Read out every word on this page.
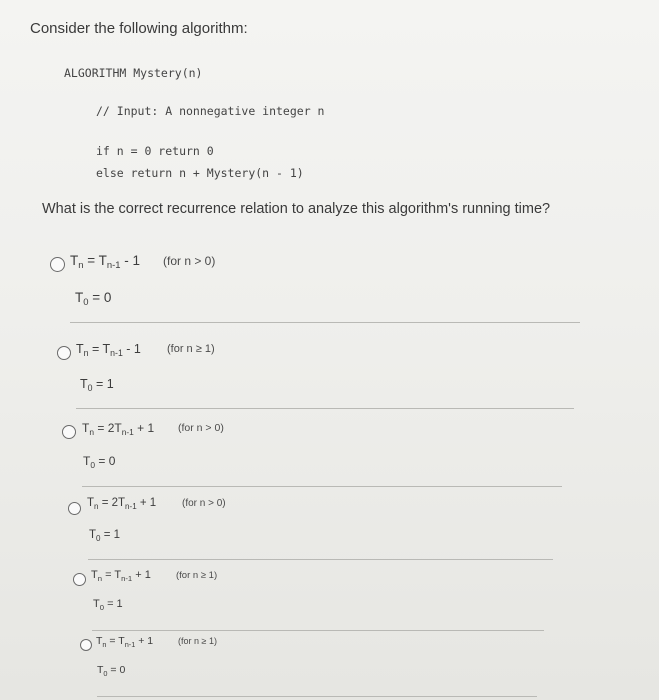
Consider the following algorithm:
ALGORITHM Mystery(n)
// Input: A nonnegative integer n
if n = 0 return 0
else return n + Mystery(n - 1)
What is the correct recurrence relation to analyze this algorithm's running time?
$T_n = T_{n-1} - 1$ (for n > 0)
$T_0 = 0$
$T_n = T_{n-1} - 1$ (for n ≥ 1)
$T_0 = 1$
$T_n = 2T_{n-1} + 1$ (for n > 0)
$T_0 = 0$
$T_n = 2T_{n-1} + 1$	(for n > 0)
$T_0 = 1$
$T_n = T_{n-1} + 1$	(for n ≥ 1)
$T_0 = 1$
$T_n = T_{n-1} + 1$	(for n ≥ 1)
$T_0 = 0$
